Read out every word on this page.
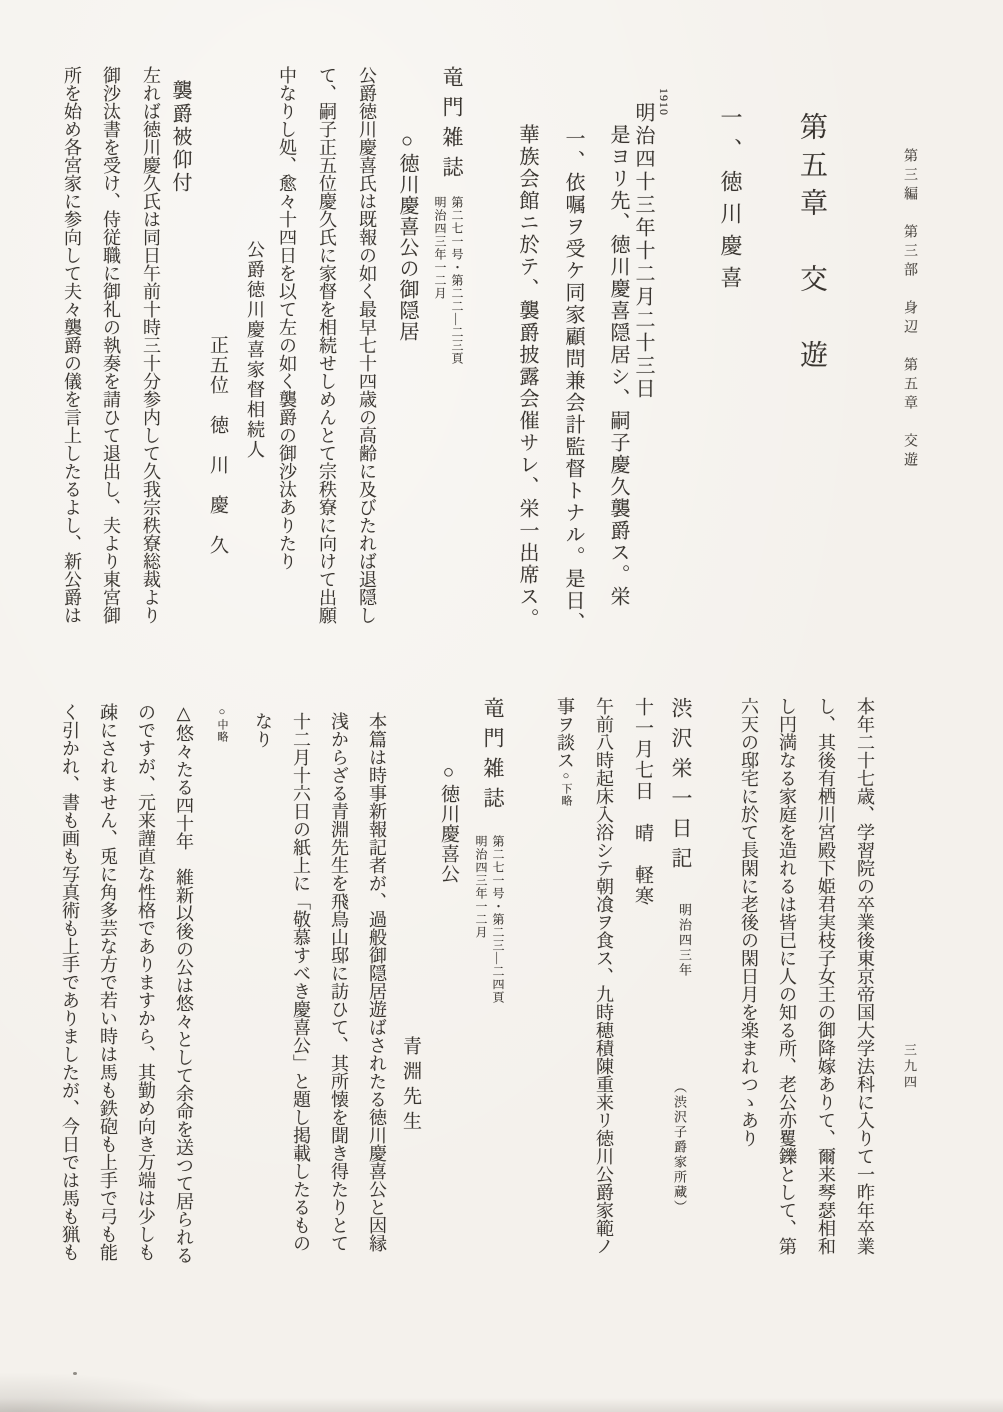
第五章　交　遊
一、徳川慶喜
1910
明治四十三年十二月二十三日
是ヨリ先、徳川慶喜隠居シ、嗣子慶久襲爵ス。栄
一、依嘱ヲ受ケ同家顧問兼会計監督トナル。是日、
華族会館ニ於テ、襲爵披露会催サレ、栄一出席ス。
竜門雑誌
第二七一号・第二二―二三頁
明治四三年一二月
○徳川慶喜公の御隠居
公爵徳川慶喜氏は既報の如く最早七十四歳の高齢に及びたれば退隠し
て、嗣子正五位慶久氏に家督を相続せしめんとて宗秩寮に向けて出願
中なりし処、愈々十四日を以て左の如く襲爵の御沙汰ありたり
公爵徳川慶喜家督相続人
正五位　徳　川　慶　久
襲爵被仰付
左れば徳川慶久氏は同日午前十時三十分参内して久我宗秩寮総裁より
御沙汰書を受け、侍従職に御礼の執奏を請ひて退出し、夫より東宮御
所を始め各宮家に参向して夫々襲爵の儀を言上したるよし、新公爵は
本年二十七歳、学習院の卒業後東京帝国大学法科に入りて一昨年卒業
し、其後有栖川宮殿下姫君実枝子女王の御降嫁ありて、爾来琴瑟相和
し円満なる家庭を造れるは皆已に人の知る所、老公亦矍鑠として、第
六天の邸宅に於て長閑に老後の閑日月を楽まれつゝあり
渋沢栄一日記
明治四三年
（渋沢子爵家所蔵）
十一月七日　晴　軽寒
午前八時起床入浴シテ朝飡ヲ食ス、九時穂積陳重来リ徳川公爵家範ノ
事ヲ談ス
○下略
竜門雑誌
第二七一号・第二三―二四頁
明治四三年一二月
○徳川慶喜公
青淵先生
本篇は時事新報記者が、過般御隠居遊ばされたる徳川慶喜公と因縁
浅からざる青淵先生を飛鳥山邸に訪ひて、其所懐を聞き得たりとて
十二月十六日の紙上に「敬慕すべき慶喜公」と題し掲載したるもの
なり
○中略
△悠々たる四十年　維新以後の公は悠々として余命を送つて居られる
のですが、元来謹直な性格でありますから、其勤め向き万端は少しも
疎にされません、兎に角多芸な方で若い時は馬も鉄砲も上手で弓も能
く引かれ、書も画も写真術も上手でありましたが、今日では馬も猟も
第三編　第三部　身辺　第五章　交遊
三九四
